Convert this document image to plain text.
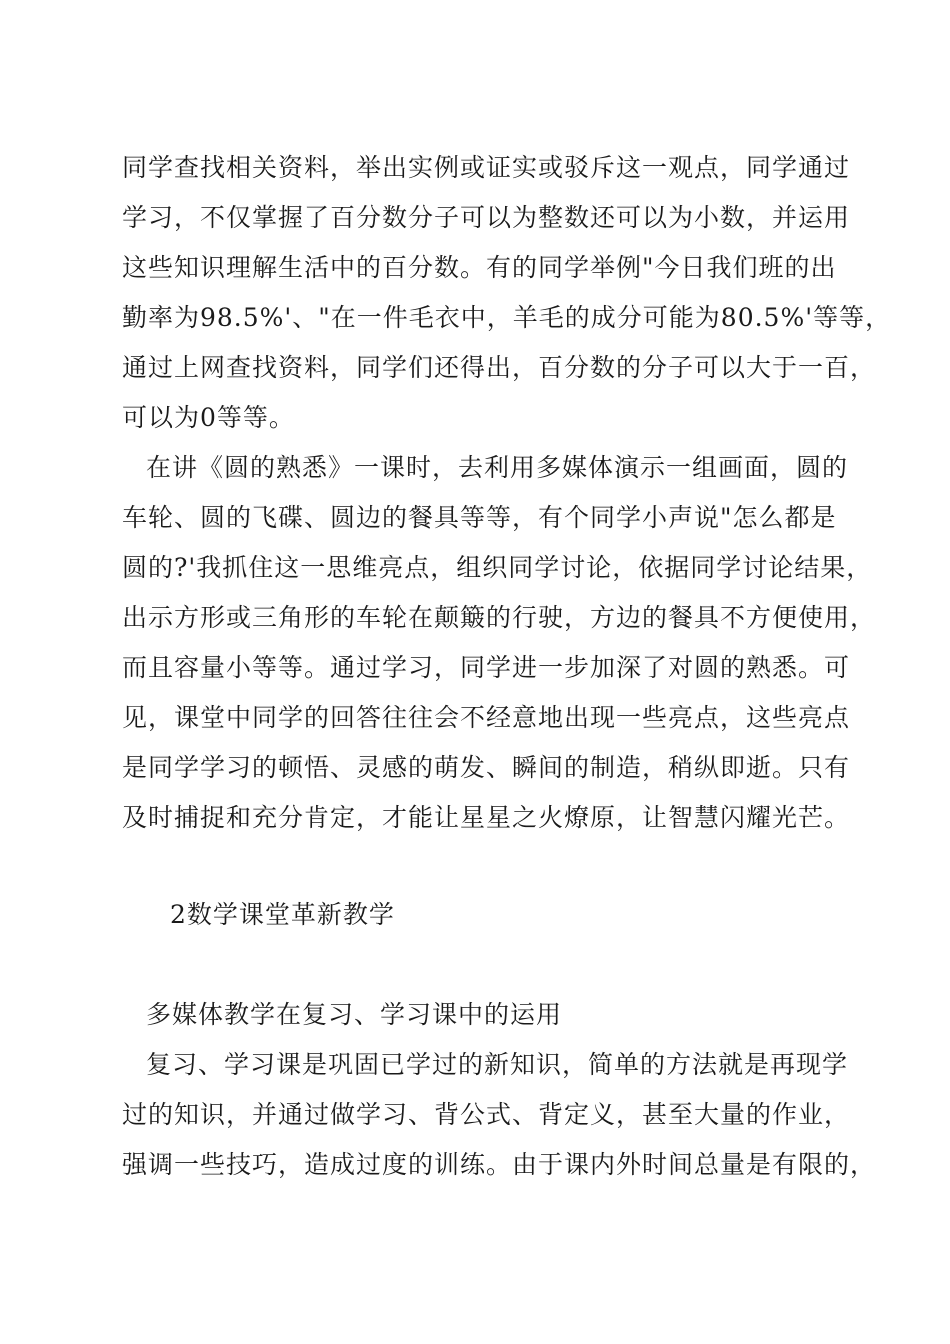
同学查找相关资料，举出实例或证实或驳斥这一观点，同学通过
学习，不仅掌握了百分数分子可以为整数还可以为小数，并运用
这些知识理解生活中的百分数。有的同学举例"今日我们班的出
勤率为98.5%'、"在一件毛衣中，羊毛的成分可能为80.5%'等等，
通过上网查找资料，同学们还得出，百分数的分子可以大于一百，
可以为0等等。
在讲《圆的熟悉》一课时，去利用多媒体演示一组画面，圆的
车轮、圆的飞碟、圆边的餐具等等，有个同学小声说"怎么都是
圆的?'我抓住这一思维亮点，组织同学讨论，依据同学讨论结果，
出示方形或三角形的车轮在颠簸的行驶，方边的餐具不方便使用，
而且容量小等等。通过学习，同学进一步加深了对圆的熟悉。可
见，课堂中同学的回答往往会不经意地出现一些亮点，这些亮点
是同学学习的顿悟、灵感的萌发、瞬间的制造，稍纵即逝。只有
及时捕捉和充分肯定，才能让星星之火燎原，让智慧闪耀光芒。
2数学课堂革新教学
多媒体教学在复习、学习课中的运用
复习、学习课是巩固已学过的新知识，简单的方法就是再现学
过的知识，并通过做学习、背公式、背定义，甚至大量的作业，
强调一些技巧，造成过度的训练。由于课内外时间总量是有限的，
